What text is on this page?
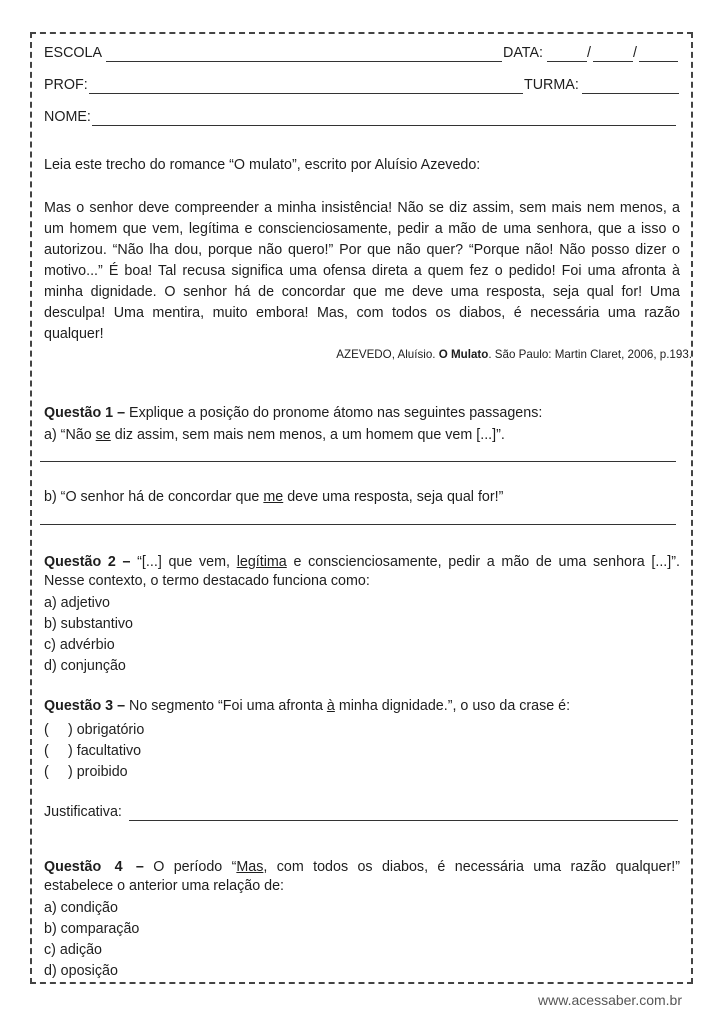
ESCOLA	DATA:	/	/
PROF:	TURMA:
NOME:
Leia este trecho do romance “O mulato”, escrito por Aluísio Azevedo:
Mas o senhor deve compreender a minha insistência! Não se diz assim, sem mais nem menos, a
um homem que vem, legítima e conscienciosamente, pedir a mão de uma senhora, que a isso o
autorizou. “Não lha dou, porque não quero!” Por que não quer? “Porque não! Não posso dizer o
motivo...” É boa! Tal recusa significa uma ofensa direta a quem fez o pedido! Foi uma afronta à
minha dignidade. O senhor há de concordar que me deve uma resposta, seja qual for! Uma
desculpa! Uma mentira, muito embora! Mas, com todos os diabos, é necessária uma razão
qualquer!
AZEVEDO, Aluísio. O Mulato. São Paulo: Martin Claret, 2006, p.193.
Questão 1 – Explique a posição do pronome átomo nas seguintes passagens:
a) “Não se diz assim, sem mais nem menos, a um homem que vem [...]”.
b) “O senhor há de concordar que me deve uma resposta, seja qual for!”
Questão 2 – “[...] que vem, legítima e conscienciosamente, pedir a mão de uma senhora [...]”.
Nesse contexto, o termo destacado funciona como:
a) adjetivo
b) substantivo
c) advérbio
d) conjunção
Questão 3 – No segmento “Foi uma afronta à minha dignidade.”, o uso da crase é:
( ) obrigatório
( ) facultativo
( ) proibido
Justificativa:
Questão 4 – O período “Mas, com todos os diabos, é necessária uma razão qualquer!”
estabelece o anterior uma relação de:
a) condição
b) comparação
c) adição
d) oposição
www.acessaber.com.br
